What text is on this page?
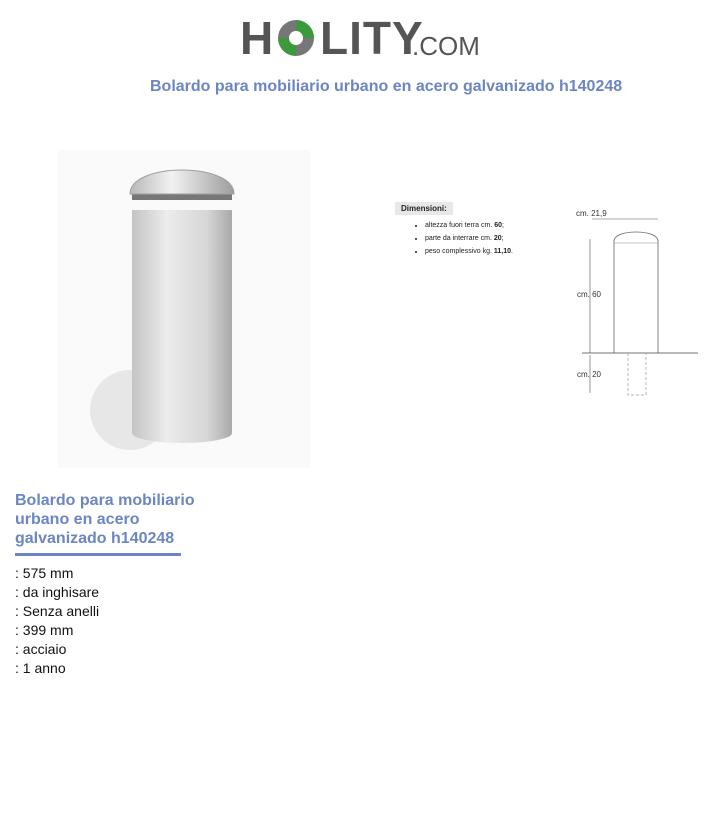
H LITY
.COM
Bolardo para mobiliario urbano en acero galvanizado h140248
Dimensioni:
• altezza fuori terra cm. 60;
• parte da interrare cm. 20;
• peso complessivo kg. 11,10.
cm. 21,9
cm. 60
cm. 20
Bolardo para mobiliario urbano en acero galvanizado h140248
: 575 mm
: da inghisare
: Senza anelli
: 399 mm
: acciaio
: 1 anno
